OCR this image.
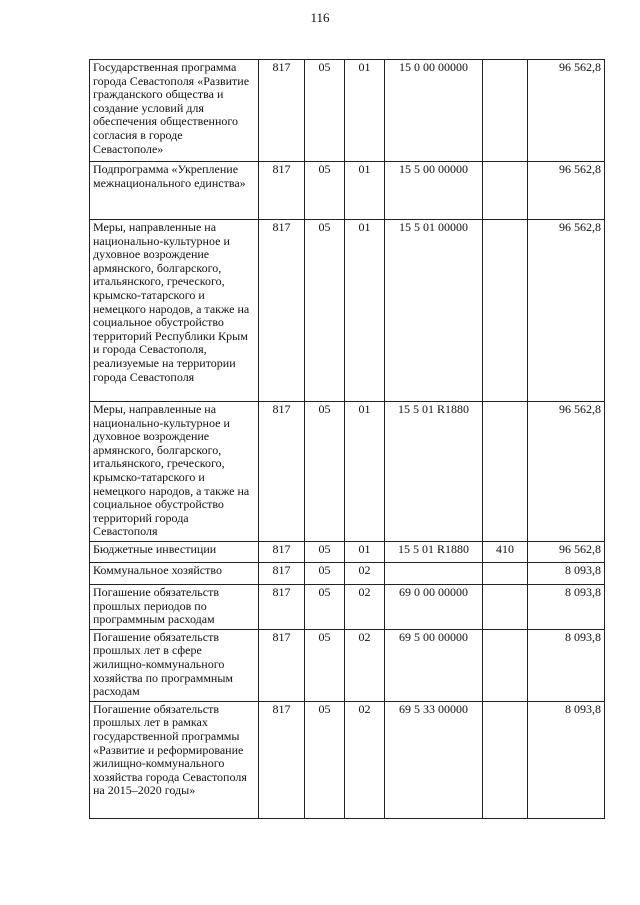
116
Государственная программа города Севастополя «Развитие гражданского общества и создание условий для обеспечения общественного согласия в городе Севастополе»	817	05	01	15 0 00 00000		96 562,8
Подпрограмма «Укрепление межнационального единства»	817	05	01	15 5 00 00000		96 562,8
Меры, направленные на национально-культурное и духовное возрождение армянского, болгарского, итальянского, греческого, крымско-татарского и немецкого народов, а также на социальное обустройство территорий Республики Крым и города Севастополя, реализуемые на территории города Севастополя	817	05	01	15 5 01 00000		96 562,8
Меры, направленные на национально-культурное и духовное возрождение армянского, болгарского, итальянского, греческого, крымско-татарского и немецкого народов, а также на социальное обустройство территорий города Севастополя	817	05	01	15 5 01 R1880		96 562,8
Бюджетные инвестиции	817	05	01	15 5 01 R1880	410	96 562,8
Коммунальное хозяйство	817	05	02			8 093,8
Погашение обязательств прошлых периодов по программным расходам	817	05	02	69 0 00 00000		8 093,8
Погашение обязательств прошлых лет в сфере жилищно-коммунального хозяйства по программным расходам	817	05	02	69 5 00 00000		8 093,8
Погашение обязательств прошлых лет в рамках государственной программы «Развитие и реформирование жилищно-коммунального хозяйства города Севастополя на 2015–2020 годы»	817	05	02	69 5 33 00000		8 093,8
